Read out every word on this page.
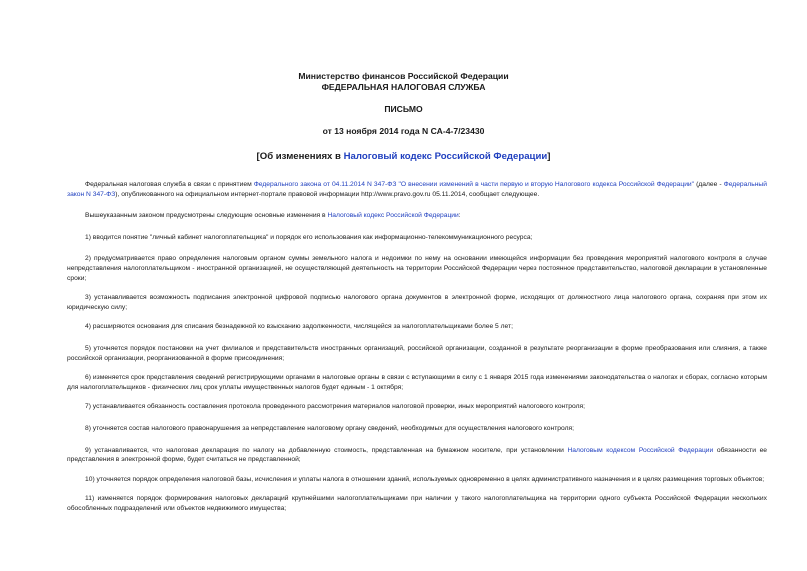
Министерство финансов Российской Федерации
ФЕДЕРАЛЬНАЯ НАЛОГОВАЯ СЛУЖБА
ПИСЬМО
от 13 ноября 2014 года N СА-4-7/23430
[Об изменениях в Налоговый кодекс Российской Федерации]

Федеральная налоговая служба в связи с принятием Федерального закона от 04.11.2014 N 347-ФЗ "О внесении изменений в части первую и вторую Налогового кодекса Российской Федерации" (далее - Федеральный закон N 347-ФЗ), опубликованного на официальном интернет-портале правовой информации http://www.pravo.gov.ru 05.11.2014, сообщает следующее.

Вышеуказанным законом предусмотрены следующие основные изменения в Налоговый кодекс Российской Федерации:

1) вводится понятие "личный кабинет налогоплательщика" и порядок его использования как информационно-телекоммуникационного ресурса;

2) предусматривается право определения налоговым органом суммы земельного налога и недоимки по нему на основании имеющейся информации без проведения мероприятий налогового контроля в случае непредставления налогоплательщиком - иностранной организацией, не осуществляющей деятельность на территории Российской Федерации через постоянное представительство, налоговой декларации в установленные сроки;

3) устанавливается возможность подписания электронной цифровой подписью налогового органа документов в электронной форме, исходящих от должностного лица налогового органа, сохраняя при этом их юридическую силу;

4) расширяются основания для списания безнадежной ко взысканию задолженности, числящейся за налогоплательщиками более 5 лет;

5) уточняется порядок постановки на учет филиалов и представительств иностранных организаций, российской организации, созданной в результате реорганизации в форме преобразования или слияния, а также российской организации, реорганизованной в форме присоединения;

6) изменяется срок представления сведений регистрирующими органами в налоговые органы в связи с вступающими в силу с 1 января 2015 года изменениями законодательства о налогах и сборах, согласно которым для налогоплательщиков - физических лиц срок уплаты имущественных налогов будет единым - 1 октября;

7) устанавливается обязанность составления протокола проведенного рассмотрения материалов налоговой проверки, иных мероприятий налогового контроля;

8) уточняется состав налогового правонарушения за непредставление налоговому органу сведений, необходимых для осуществления налогового контроля;

9) устанавливается, что налоговая декларация по налогу на добавленную стоимость, представленная на бумажном носителе, при установлении Налоговым кодексом Российской Федерации обязанности ее представления в электронной форме, будет считаться не представленной;

10) уточняется порядок определения налоговой базы, исчисления и уплаты налога в отношении зданий, используемых одновременно в целях административного назначения и в целях размещения торговых объектов;

11) изменяется порядок формирования налоговых деклараций крупнейшими налогоплательщиками при наличии у такого налогоплательщика на территории одного субъекта Российской Федерации нескольких обособленных подразделений или объектов недвижимого имущества;
